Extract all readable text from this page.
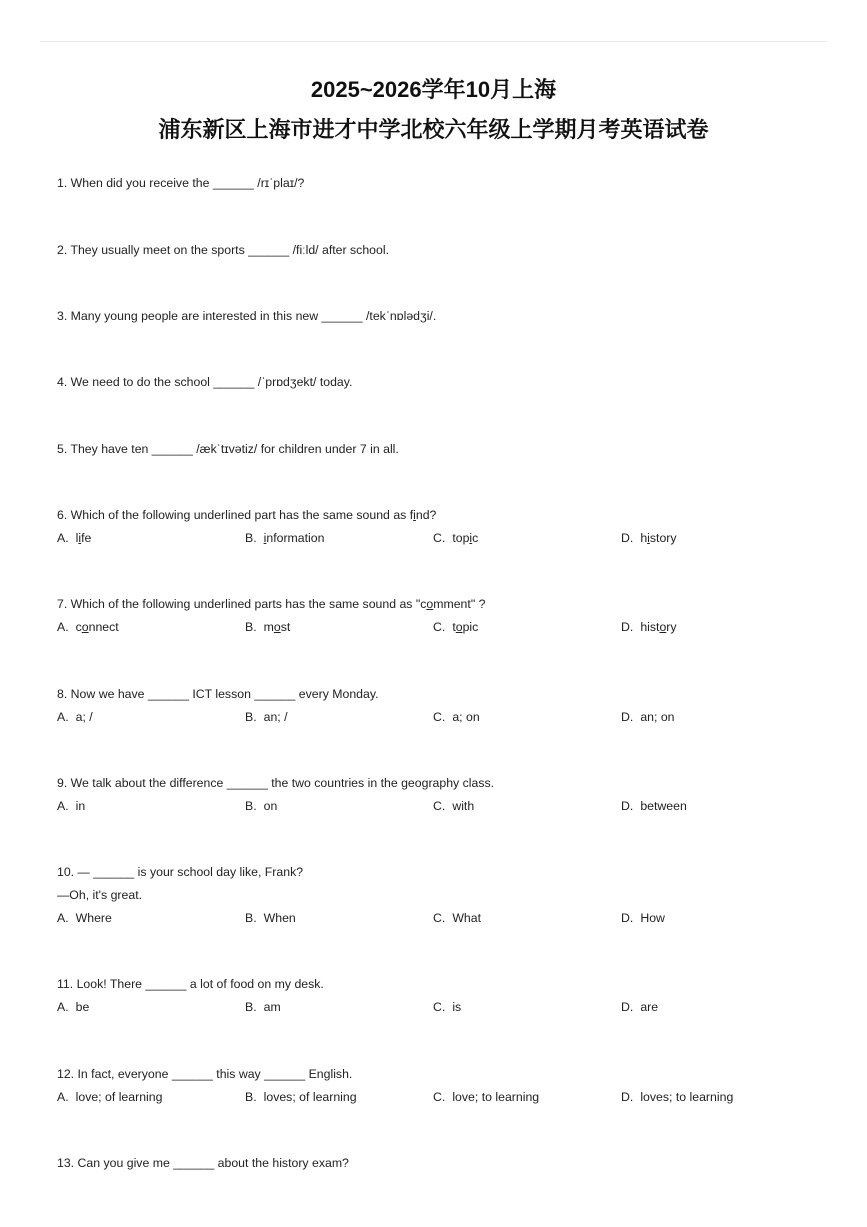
2025~2026学年10月上海
浦东新区上海市进才中学北校六年级上学期月考英语试卷
1. When did you receive the ______ /rɪˈplaɪ/?
2. They usually meet on the sports ______ /fiːld/ after school.
3. Many young people are interested in this new ______ /tekˈnɒlədʒi/.
4. We need to do the school ______ /ˈprɒdʒekt/ today.
5. They have ten ______ /ækˈtɪvətiz/ for children under 7 in all.
6. Which of the following underlined part has the same sound as find?
A. life	B. information	C. topic	D. history
7. Which of the following underlined parts has the same sound as "comment" ?
A. connect	B. most	C. topic	D. history
8. Now we have ______ ICT lesson ______ every Monday.
A. a; /	B. an; /	C. a; on	D. an; on
9. We talk about the difference ______ the two countries in the geography class.
A. in	B. on	C. with	D. between
10. — ______ is your school day like, Frank?
—Oh, it's great.
A. Where	B. When	C. What	D. How
11. Look! There ______ a lot of food on my desk.
A. be	B. am	C. is	D. are
12. In fact, everyone ______ this way ______ English.
A. love; of learning	B. loves; of learning	C. love; to learning	D. loves; to learning
13. Can you give me ______ about the history exam?
